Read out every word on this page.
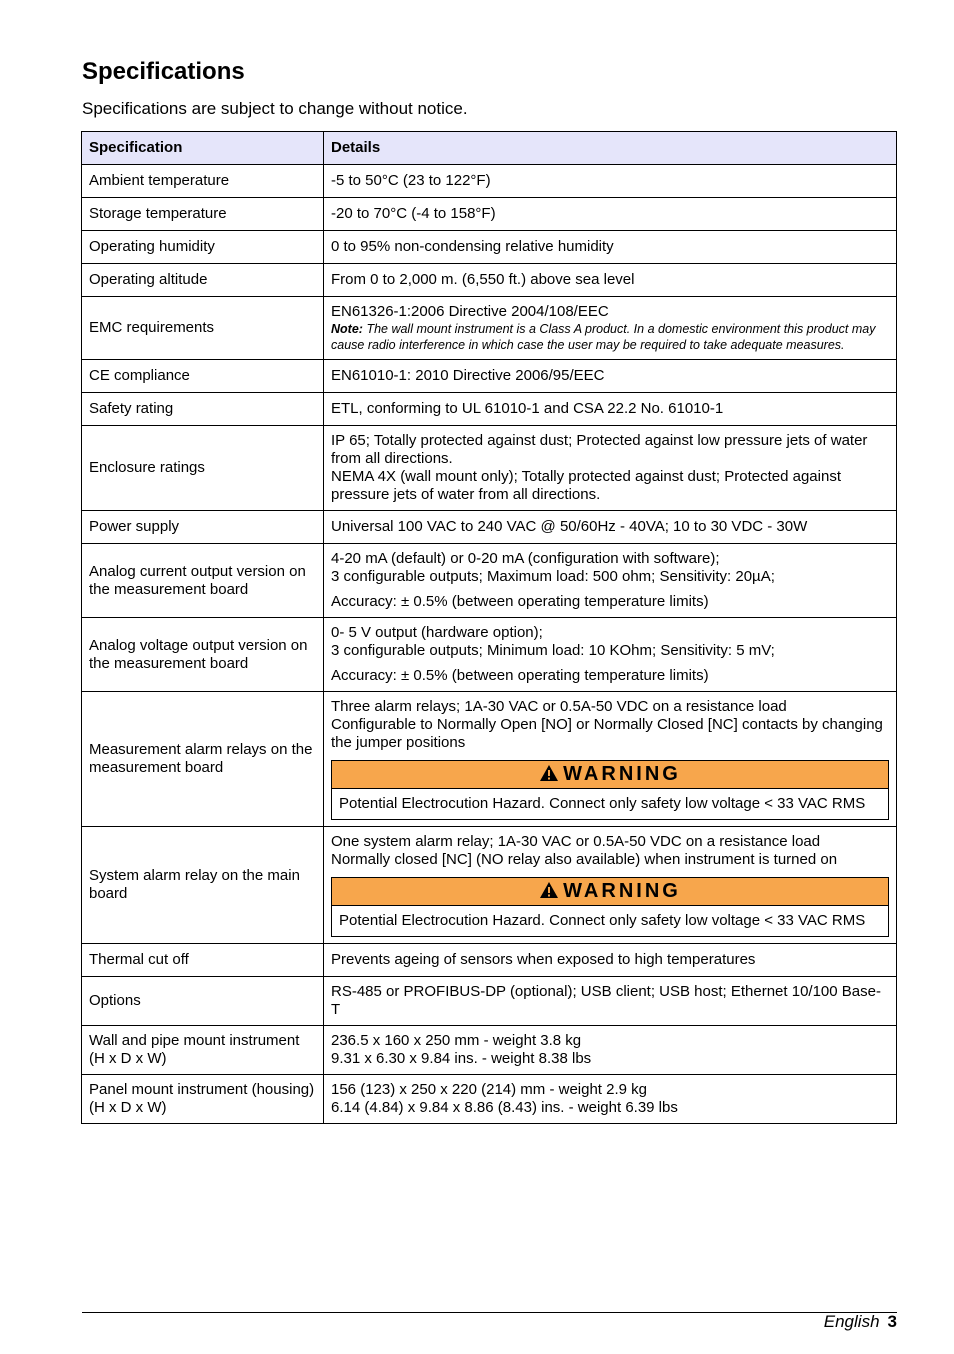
Specifications

Specifications are subject to change without notice.

Specification	Details
Ambient temperature	-5 to 50°C (23 to 122°F)

Storage temperature	-20 to 70°C (-4 to 158°F)

Operating humidity	0 to 95% non-condensing relative humidity

Operating altitude	From 0 to 2,000 m. (6,550 ft.) above sea level

EMC requirements	EN61326-1:2006 Directive 2004/108/EEC

Note: The wall mount instrument is a Class A product. In a domestic environment this product may cause radio interference in which case the user may be required to take adequate measures.

CE compliance	EN61010-1: 2010 Directive 2006/95/EEC

Safety rating	ETL, conforming to UL 61010-1 and CSA 22.2 No. 61010-1

Enclosure ratings	IP 65; Totally protected against dust; Protected against low pressure jets of water from all directions.

NEMA 4X (wall mount only); Totally protected against dust; Protected against pressure jets of water from all directions.

Power supply	Universal 100 VAC to 240 VAC @ 50/60Hz - 40VA; 10 to 30 VDC - 30W

Analog current output version on the measurement board	4-20 mA (default) or 0-20 mA (configuration with software);

3 configurable outputs; Maximum load: 500 ohm; Sensitivity: 20µA;

Accuracy: ± 0.5% (between operating temperature limits)

Analog voltage output version on the measurement board	0- 5 V output (hardware option);

3 configurable outputs; Minimum load: 10 KOhm; Sensitivity: 5 mV;

Accuracy: ± 0.5% (between operating temperature limits)

Measurement alarm relays on the measurement board	Three alarm relays; 1A-30 VAC or 0.5A-50 VDC on a resistance load

Configurable to Normally Open [NO] or Normally Closed [NC] contacts by changing the jumper positions

WARNING
Potential Electrocution Hazard. Connect only safety low voltage < 33 VAC RMS

System alarm relay on the main board	One system alarm relay; 1A-30 VAC or 0.5A-50 VDC on a resistance load

Normally closed [NC] (NO relay also available) when instrument is turned on

WARNING
Potential Electrocution Hazard. Connect only safety low voltage < 33 VAC RMS

Thermal cut off	Prevents ageing of sensors when exposed to high temperatures

Options	RS-485 or PROFIBUS-DP (optional); USB client; USB host; Ethernet 10/100 Base-T

Wall and pipe mount instrument (H x D x W)	236.5 x 160 x 250 mm - weight 3.8 kg

9.31 x 6.30 x 9.84 ins. - weight 8.38 lbs

Panel mount instrument (housing) (H x D x W)	156 (123) x 250 x 220 (214) mm - weight 2.9 kg

6.14 (4.84) x 9.84 x 8.86 (8.43) ins. - weight 6.39 lbs

English 3
